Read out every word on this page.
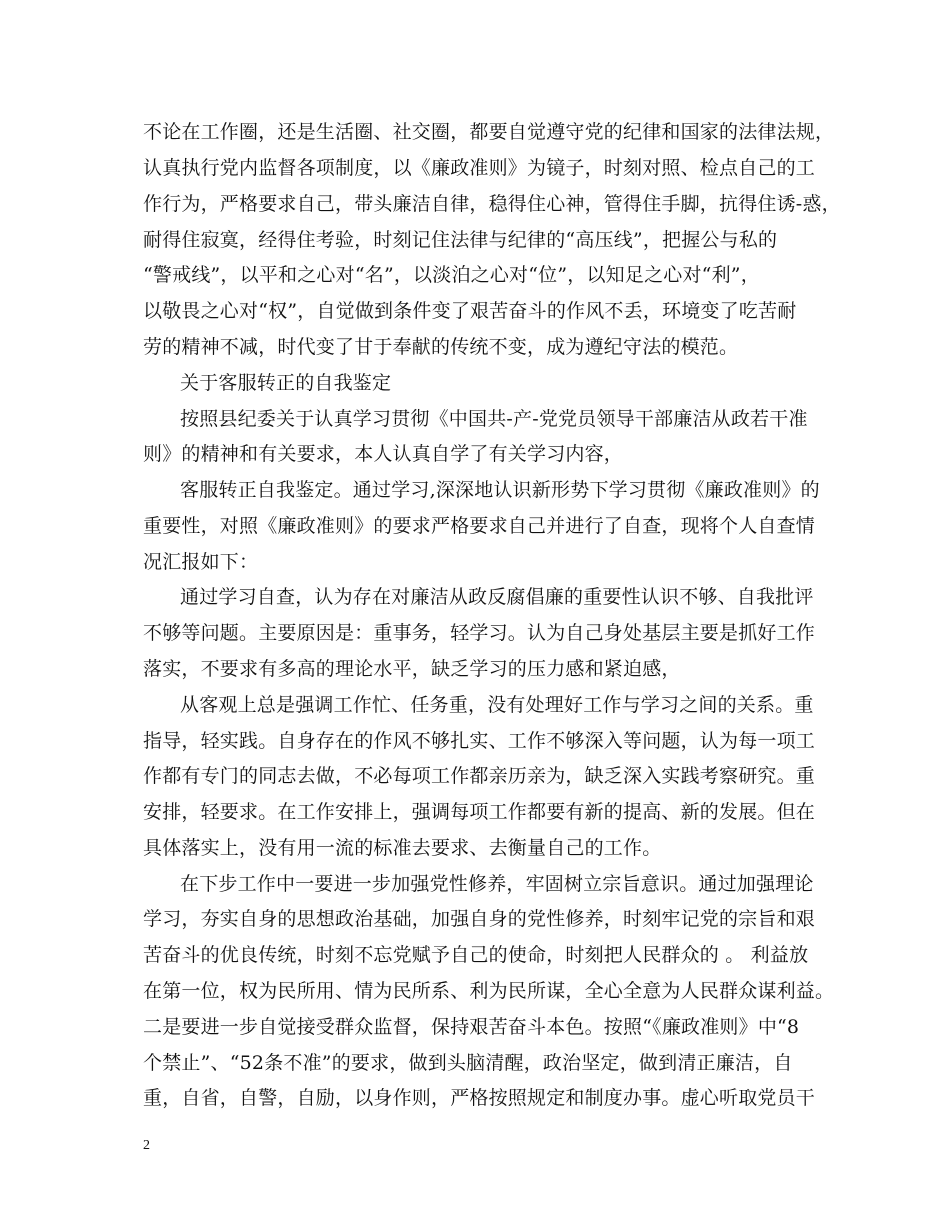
不论在工作圈，还是生活圈、社交圈，都要自觉遵守党的纪律和国家的法律法规，
认真执行党内监督各项制度，以《廉政准则》为镜子，时刻对照、检点自己的工
作行为，严格要求自己，带头廉洁自律，稳得住心神，管得住手脚，抗得住诱-惑，
耐得住寂寞，经得住考验，时刻记住法律与纪律的“高压线”，把握公与私的
“警戒线”，以平和之心对“名”，以淡泊之心对“位”，以知足之心对“利”，
以敬畏之心对“权”，自觉做到条件变了艰苦奋斗的作风不丢，环境变了吃苦耐
劳的精神不减，时代变了甘于奉献的传统不变，成为遵纪守法的模范。
关于客服转正的自我鉴定
按照县纪委关于认真学习贯彻《中国共-产-党党员领导干部廉洁从政若干准
则》的精神和有关要求，本人认真自学了有关学习内容，
客服转正自我鉴定。通过学习,深深地认识新形势下学习贯彻《廉政准则》的
重要性，对照《廉政准则》的要求严格要求自己并进行了自查，现将个人自查情
况汇报如下：
通过学习自查，认为存在对廉洁从政反腐倡廉的重要性认识不够、自我批评
不够等问题。主要原因是：重事务，轻学习。认为自己身处基层主要是抓好工作
落实，不要求有多高的理论水平，缺乏学习的压力感和紧迫感，
从客观上总是强调工作忙、任务重，没有处理好工作与学习之间的关系。重
指导，轻实践。自身存在的作风不够扎实、工作不够深入等问题，认为每一项工
作都有专门的同志去做，不必每项工作都亲历亲为，缺乏深入实践考察研究。重
安排，轻要求。在工作安排上，强调每项工作都要有新的提高、新的发展。但在
具体落实上，没有用一流的标准去要求、去衡量自己的工作。
在下步工作中一要进一步加强党性修养，牢固树立宗旨意识。通过加强理论
学习，夯实自身的思想政治基础，加强自身的党性修养，时刻牢记党的宗旨和艰
苦奋斗的优良传统，时刻不忘党赋予自己的使命，时刻把人民群众的 。 利益放
在第一位，权为民所用、情为民所系、利为民所谋，全心全意为人民群众谋利益。
二是要进一步自觉接受群众监督，保持艰苦奋斗本色。按照“《廉政准则》中“8
个禁止”、“52条不准”的要求，做到头脑清醒，政治坚定，做到清正廉洁，自
重，自省，自警，自励，以身作则，严格按照规定和制度办事。虚心听取党员干
2
